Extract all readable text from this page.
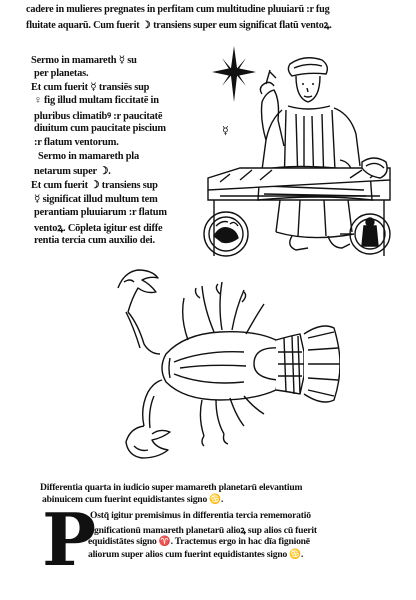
cadere in mulieres pregnates in perfitam cum multitudine pluuiarū :r fug
fluitate aquarū. Cum fuerit ☽ transiens super eum significat flatū ventoꝝ.
Sermo in mamareth ☿ su
per planetas.
Et cum fuerit ☿ transiēs sup
♀ fig illud multam ficcitatē in
pluribus climatibꝰ :r paucitatē
diuitum cum paucitate piscium
:r flatum ventorum.
Sermo in mamareth pla
netarum super ☽.
Et cum fuerit ☽ transiens sup
☿ significat illud multum tem
perantiam pluuiarum :r flatum
ventoꝝ. Cōpleta igitur est diffe
rentia tercia cum auxilio dei.
☿
Differentia quarta in iudicio super mamareth planetarū elevantium
abinuicem cum fuerint equidistantes signo ♋.
P
Ostq̄ igitur premisimus in differentia tercia rememoratiō
significationū mamareth planetarū alioꝝ sup alios cū fuerit
equidistātes signo ♈. Tractemus ergo in hac dīa fignionē
aliorum super alios cum fuerint equidistantes signo ♋.
